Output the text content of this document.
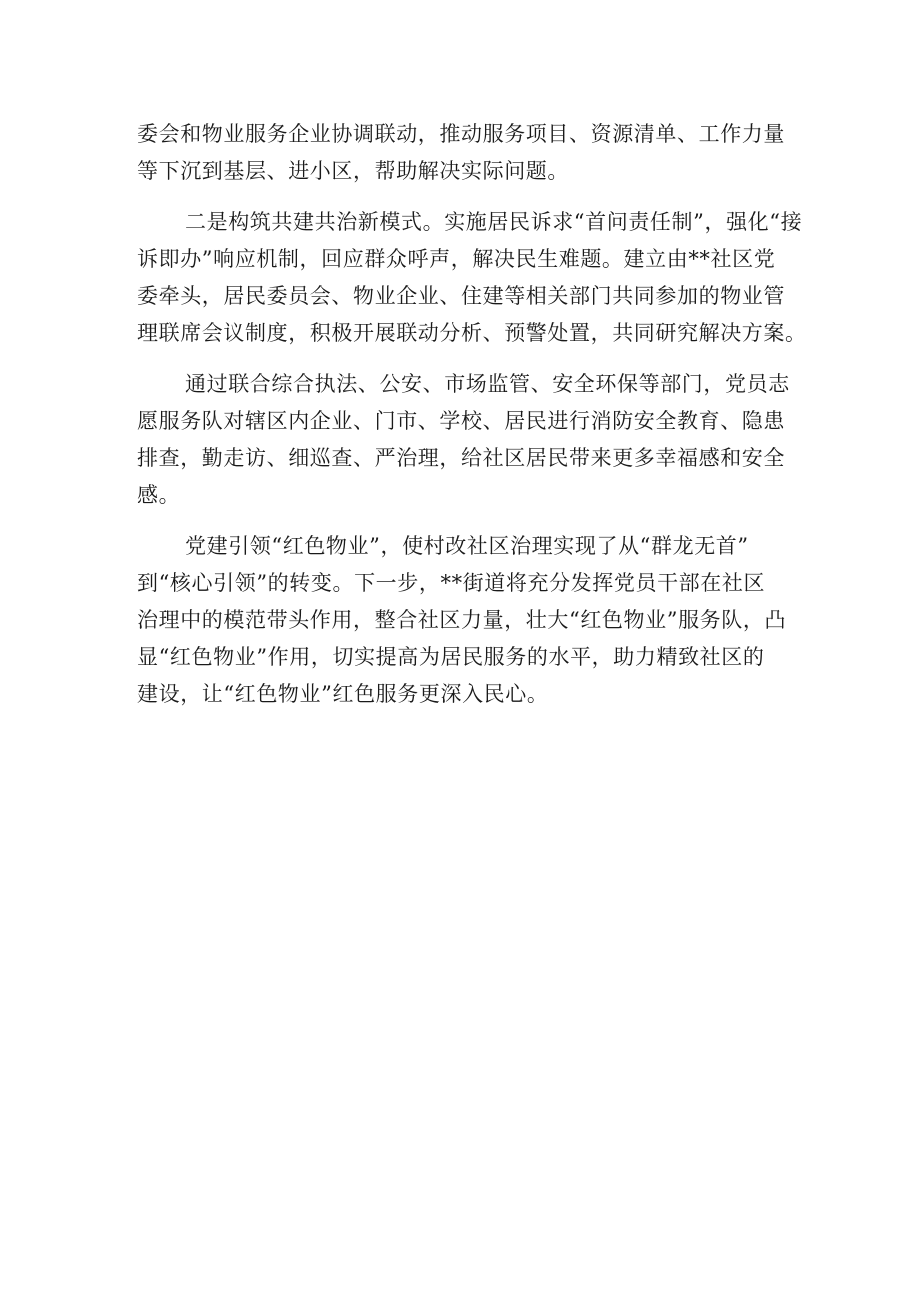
委会和物业服务企业协调联动，推动服务项目、资源清单、工作力量
等下沉到基层、进小区，帮助解决实际问题。

二是构筑共建共治新模式。实施居民诉求“首问责任制”，强化“接
诉即办”响应机制，回应群众呼声，解决民生难题。建立由**社区党
委牵头，居民委员会、物业企业、住建等相关部门共同参加的物业管
理联席会议制度，积极开展联动分析、预警处置，共同研究解决方案。

通过联合综合执法、公安、市场监管、安全环保等部门，党员志
愿服务队对辖区内企业、门市、学校、居民进行消防安全教育、隐患
排查，勤走访、细巡查、严治理，给社区居民带来更多幸福感和安全
感。

党建引领“红色物业”，使村改社区治理实现了从“群龙无首”
到“核心引领”的转变。下一步，**街道将充分发挥党员干部在社区
治理中的模范带头作用，整合社区力量，壮大“红色物业”服务队，凸
显“红色物业”作用，切实提高为居民服务的水平，助力精致社区的
建设，让“红色物业”红色服务更深入民心。
